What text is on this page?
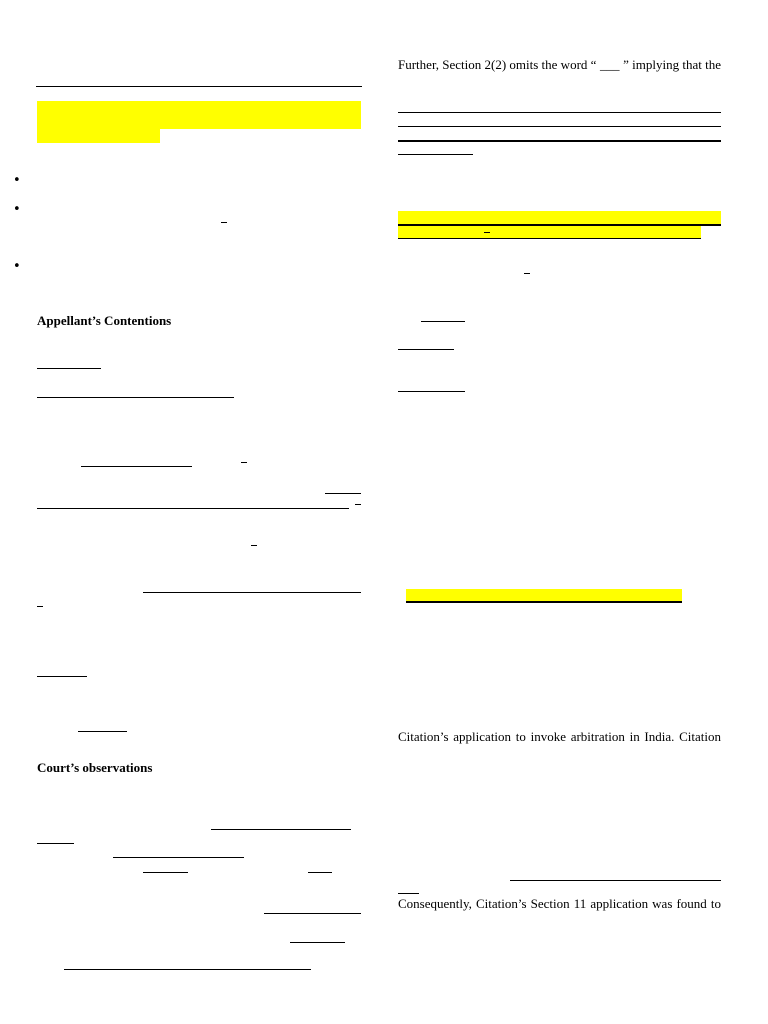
•
•
•
Appellant’s Contentions
Court’s observations
Further, Section 2(2) omits the word “ ___ ” implying that the
Citation’s application to invoke arbitration in India. Citation
Consequently, Citation’s Section 11 application was found to
